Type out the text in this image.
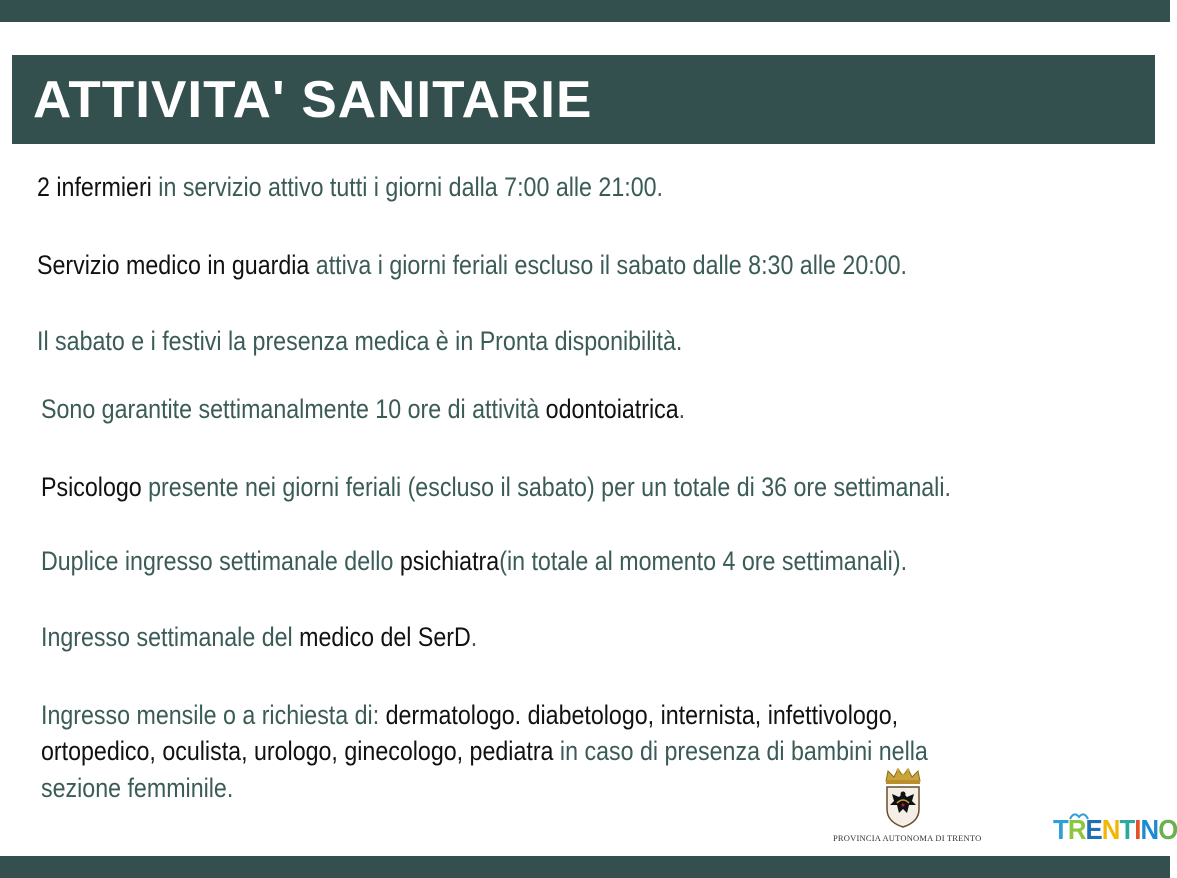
ATTIVITA' SANITARIE

2 infermieri in servizio attivo tutti i giorni dalla 7:00 alle 21:00.

Servizio medico in guardia attiva i giorni feriali escluso il sabato dalle 8:30 alle 20:00.

Il sabato e i festivi la presenza medica è in Pronta disponibilità.

Sono garantite settimanalmente 10 ore di attività odontoiatrica.

Psicologo presente nei giorni feriali (escluso il sabato) per un totale di 36 ore settimanali.

Duplice ingresso settimanale dello psichiatra(in totale al momento 4 ore settimanali).

Ingresso settimanale del medico del SerD.

Ingresso mensile o a richiesta di: dermatologo. diabetologo, internista, infettivologo,

ortopedico, oculista, urologo, ginecologo, pediatra in caso di presenza di bambini nella

sezione femminile.

PROVINCIA AUTONOMA DI TRENTO	TRENTINO
